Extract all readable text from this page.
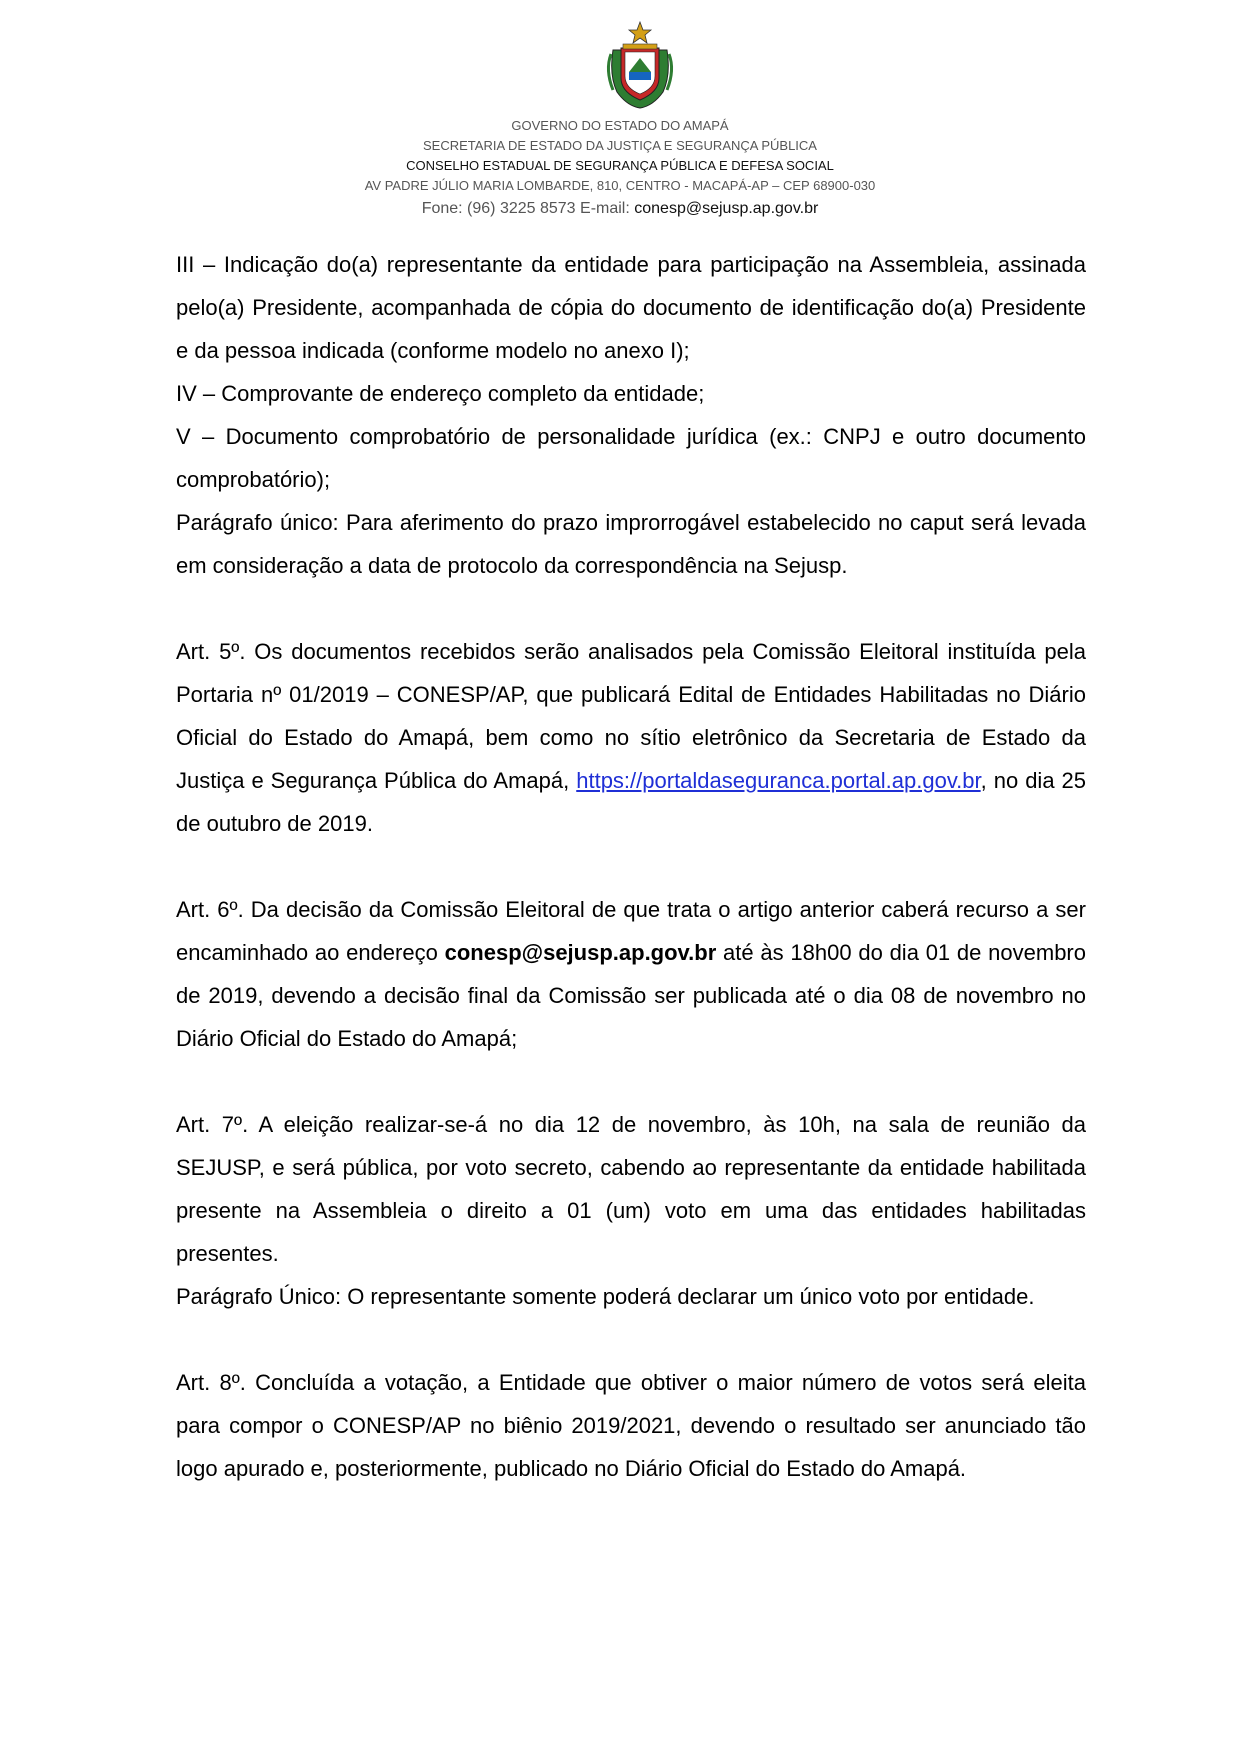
GOVERNO DO ESTADO DO AMAPÁ
SECRETARIA DE ESTADO DA JUSTIÇA E SEGURANÇA PÚBLICA
CONSELHO ESTADUAL DE SEGURANÇA PÚBLICA E DEFESA SOCIAL
AV PADRE JÚLIO MARIA LOMBARDE, 810, CENTRO - MACAPÁ-AP – CEP 68900-030
Fone: (96) 3225 8573 E-mail: conesp@sejusp.ap.gov.br

III – Indicação do(a) representante da entidade para participação na Assembleia, assinada pelo(a) Presidente, acompanhada de cópia do documento de identificação do(a) Presidente e da pessoa indicada (conforme modelo no anexo I);

IV – Comprovante de endereço completo da entidade;

V – Documento comprobatório de personalidade jurídica (ex.: CNPJ e outro documento comprobatório);

Parágrafo único: Para aferimento do prazo improrrogável estabelecido no caput será levada em consideração a data de protocolo da correspondência na Sejusp.

Art. 5º. Os documentos recebidos serão analisados pela Comissão Eleitoral instituída pela Portaria nº 01/2019 – CONESP/AP, que publicará Edital de Entidades Habilitadas no Diário Oficial do Estado do Amapá, bem como no sítio eletrônico da Secretaria de Estado da Justiça e Segurança Pública do Amapá, https://portaldaseguranca.portal.ap.gov.br, no dia 25 de outubro de 2019.

Art. 6º. Da decisão da Comissão Eleitoral de que trata o artigo anterior caberá recurso a ser encaminhado ao endereço conesp@sejusp.ap.gov.br até às 18h00 do dia 01 de novembro de 2019, devendo a decisão final da Comissão ser publicada até o dia 08 de novembro no Diário Oficial do Estado do Amapá;

Art. 7º. A eleição realizar-se-á no dia 12 de novembro, às 10h, na sala de reunião da SEJUSP, e será pública, por voto secreto, cabendo ao representante da entidade habilitada presente na Assembleia o direito a 01 (um) voto em uma das entidades habilitadas presentes.

Parágrafo Único: O representante somente poderá declarar um único voto por entidade.

Art. 8º. Concluída a votação, a Entidade que obtiver o maior número de votos será eleita para compor o CONESP/AP no biênio 2019/2021, devendo o resultado ser anunciado tão logo apurado e, posteriormente, publicado no Diário Oficial do Estado do Amapá.
